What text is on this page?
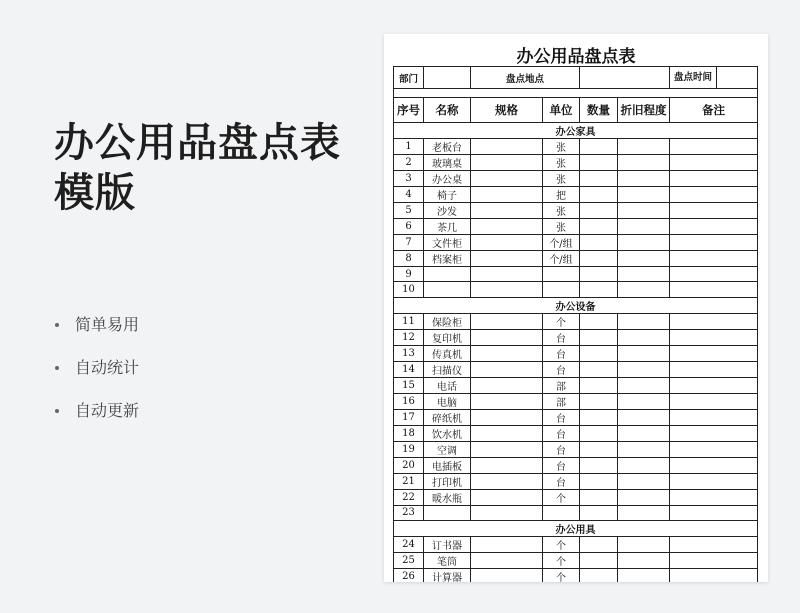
办公用品盘点表
模版
简单易用
自动统计
自动更新
办公用品盘点表
部门		盘点地点				盘点时间

序号	名称	规格	单位	数量	折旧程度	备注
办公家具						
1	老板台		张			
2	玻璃桌		张			
3	办公桌		张			
4	椅子		把			
5	沙发		张			
6	茶几		张			
7	文件柜		个/组			
8	档案柜		个/组			
9						
10						
办公设备						
11	保险柜		个			
12	复印机		台			
13	传真机		台			
14	扫描仪		台			
15	电话		部			
16	电脑		部			
17	碎纸机		台			
18	饮水机		台			
19	空调		台			
20	电插板		台			
21	打印机		台			
22	暖水瓶		个			
23						
办公用具						
24	订书器		个			
25	笔筒		个			
26	计算器		个			
